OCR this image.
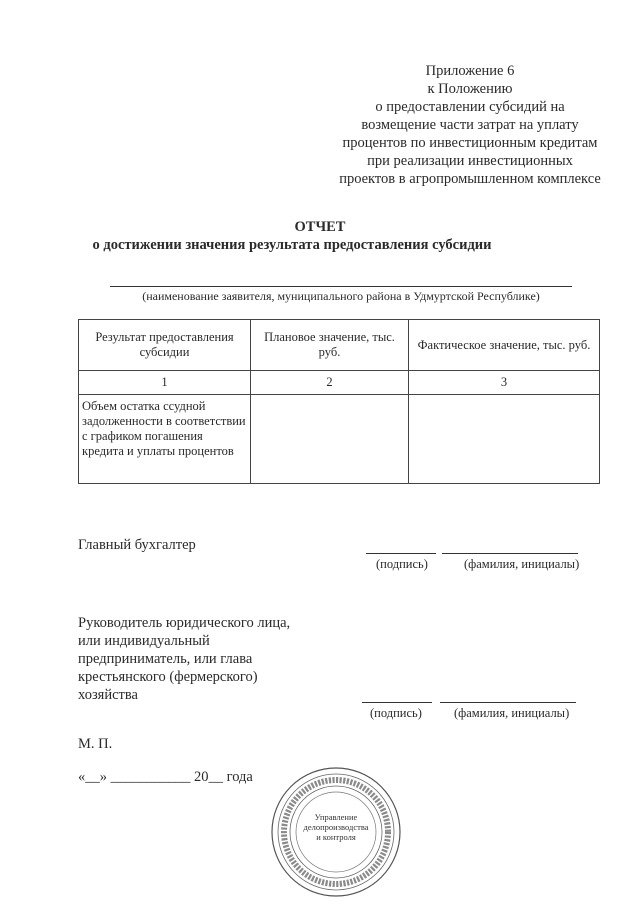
Приложение 6
к Положению
о предоставлении субсидий на
возмещение части затрат на уплату
процентов по инвестиционным кредитам
при реализации инвестиционных
проектов в агропромышленном комплексе
ОТЧЕТ
о достижении значения результата предоставления субсидии
(наименование заявителя, муниципального района в Удмуртской Республике)
Результат предоставления субсидии	Плановое значение, тыс. руб.	Фактическое значение, тыс. руб.
1	2	3
Объем остатка ссудной задолженности в соответствии с графиком погашения кредита и уплаты процентов		
Главный бухгалтер
(подпись)	(фамилия, инициалы)
Руководитель юридического лица,
или индивидуальный
предприниматель, или глава
крестьянского (фермерского)
хозяйства
(подпись)	(фамилия, инициалы)
М. П.
«__» ___________ 20__ года
Управление
делопроизводства
и контроля
